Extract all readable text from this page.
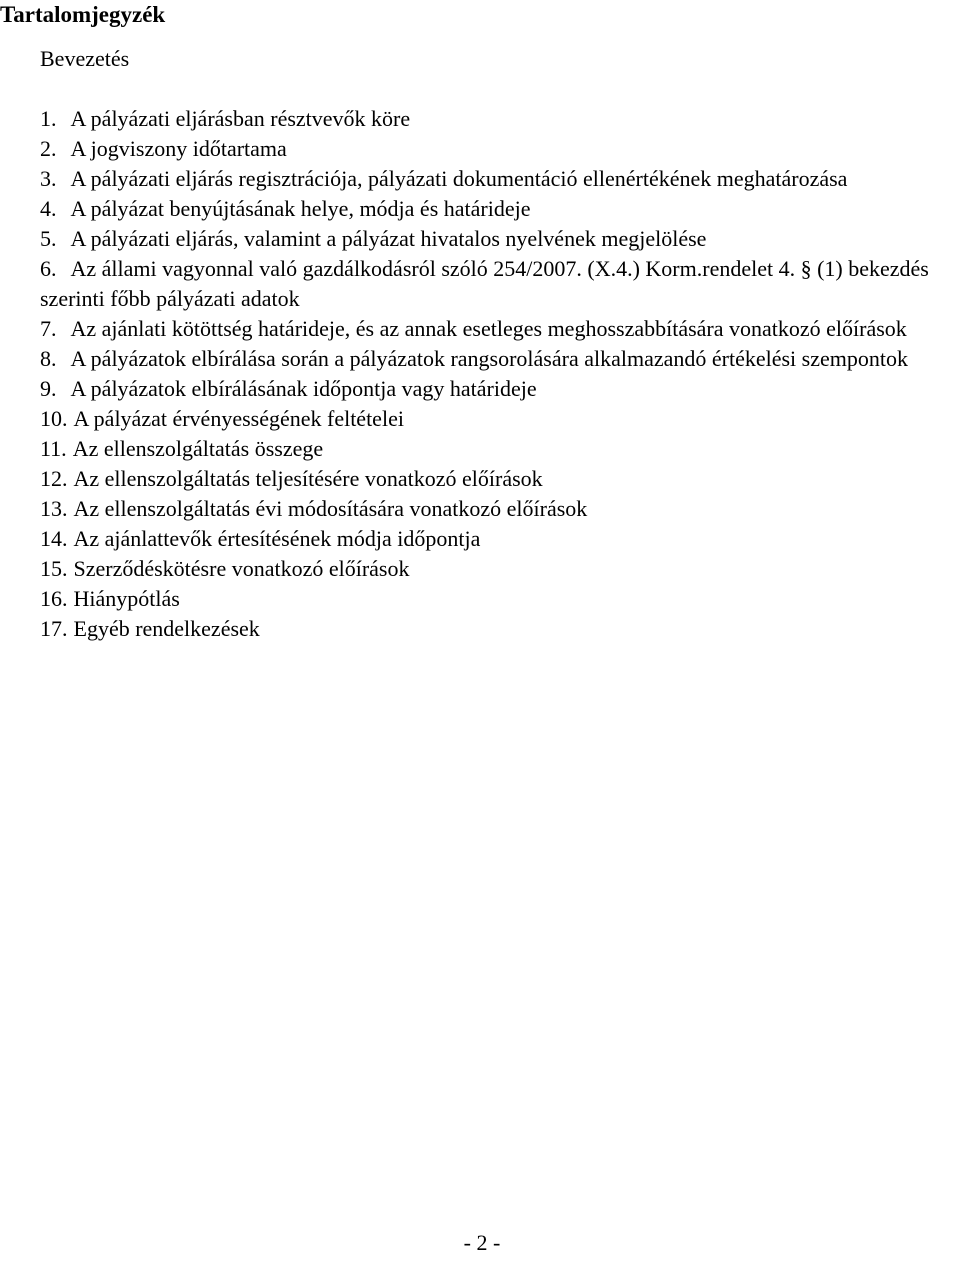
Tartalomjegyzék
Bevezetés
1. A pályázati eljárásban résztvevők köre
2. A jogviszony időtartama
3. A pályázati eljárás regisztrációja, pályázati dokumentáció ellenértékének meghatározása
4. A pályázat benyújtásának helye, módja és határideje
5. A pályázati eljárás, valamint a pályázat hivatalos nyelvének megjelölése
6. Az állami vagyonnal való gazdálkodásról szóló 254/2007. (X.4.) Korm.rendelet 4. § (1) bekezdés szerinti főbb pályázati adatok
7. Az ajánlati kötöttség határideje, és az annak esetleges meghosszabbítására vonatkozó előírások
8. A pályázatok elbírálása során a pályázatok rangsorolására alkalmazandó értékelési szempontok
9. A pályázatok elbírálásának időpontja vagy határideje
10. A pályázat érvényességének feltételei
11. Az ellenszolgáltatás összege
12. Az ellenszolgáltatás teljesítésére vonatkozó előírások
13. Az ellenszolgáltatás évi módosítására vonatkozó előírások
14. Az ajánlattevők értesítésének módja időpontja
15. Szerződéskötésre vonatkozó előírások
16. Hiánypótlás
17. Egyéb rendelkezések
- 2 -
